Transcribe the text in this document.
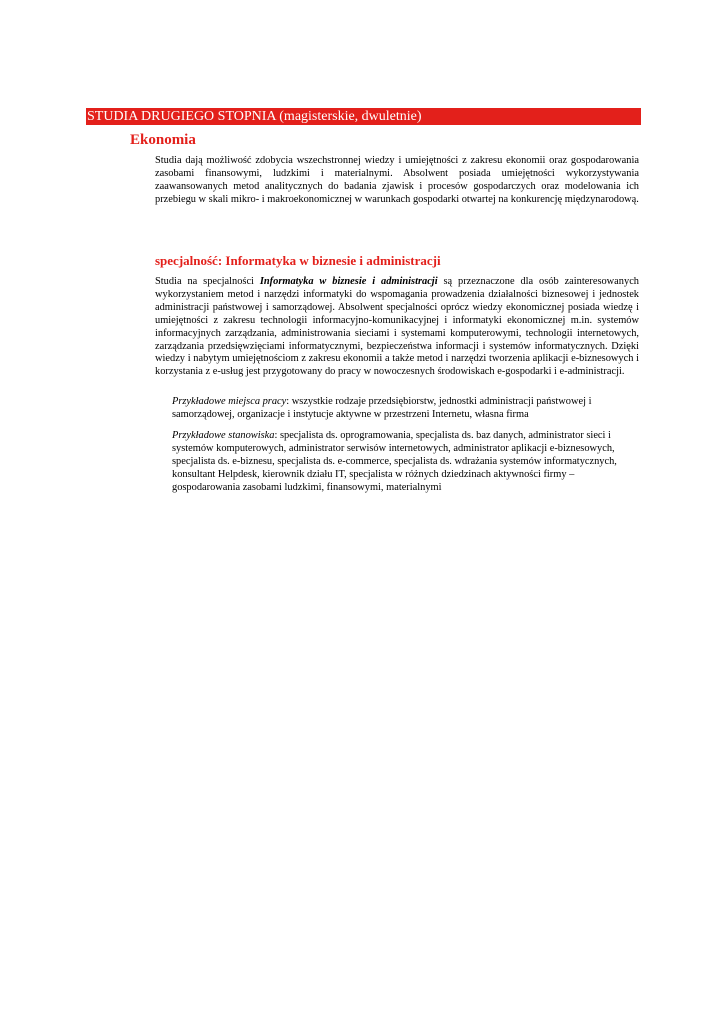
STUDIA DRUGIEGO STOPNIA (magisterskie, dwuletnie)
Ekonomia

Studia dają możliwość zdobycia wszechstronnej wiedzy i umiejętności z zakresu ekonomii oraz gospodarowania zasobami finansowymi, ludzkimi i materialnymi. Absolwent posiada umiejętności wykorzystywania zaawansowanych metod analitycznych do badania zjawisk i procesów gospodarczych oraz modelowania ich przebiegu w skali mikro- i makroekonomicznej w warunkach gospodarki otwartej na konkurencję międzynarodową.

specjalność: Informatyka w biznesie i administracji

Studia na specjalności Informatyka w biznesie i administracji są przeznaczone dla osób zainteresowanych wykorzystaniem metod i narzędzi informatyki do wspomagania prowadzenia działalności biznesowej i jednostek administracji państwowej i samorządowej. Absolwent specjalności oprócz wiedzy ekonomicznej posiada wiedzę i umiejętności z zakresu technologii informacyjno-komunikacyjnej i informatyki ekonomicznej m.in. systemów informacyjnych zarządzania, administrowania sieciami i systemami komputerowymi, technologii internetowych, zarządzania przedsięwzięciami informatycznymi, bezpieczeństwa informacji i systemów informatycznych. Dzięki wiedzy i nabytym umiejętnościom z zakresu ekonomii a także metod i narzędzi tworzenia aplikacji e-biznesowych i korzystania z e-usług jest przygotowany do pracy w nowoczesnych środowiskach e-gospodarki i e-administracji.

Przykładowe miejsca pracy: wszystkie rodzaje przedsiębiorstw, jednostki administracji państwowej i samorządowej, organizacje i instytucje aktywne w przestrzeni Internetu, własna firma

Przykładowe stanowiska: specjalista ds. oprogramowania, specjalista ds. baz danych, administrator sieci i systemów komputerowych, administrator serwisów internetowych, administrator aplikacji e-biznesowych, specjalista ds. e-biznesu, specjalista ds. e-commerce, specjalista ds. wdrażania systemów informatycznych, konsultant Helpdesk, kierownik działu IT, specjalista w różnych dziedzinach aktywności firmy – gospodarowania zasobami ludzkimi, finansowymi, materialnymi
